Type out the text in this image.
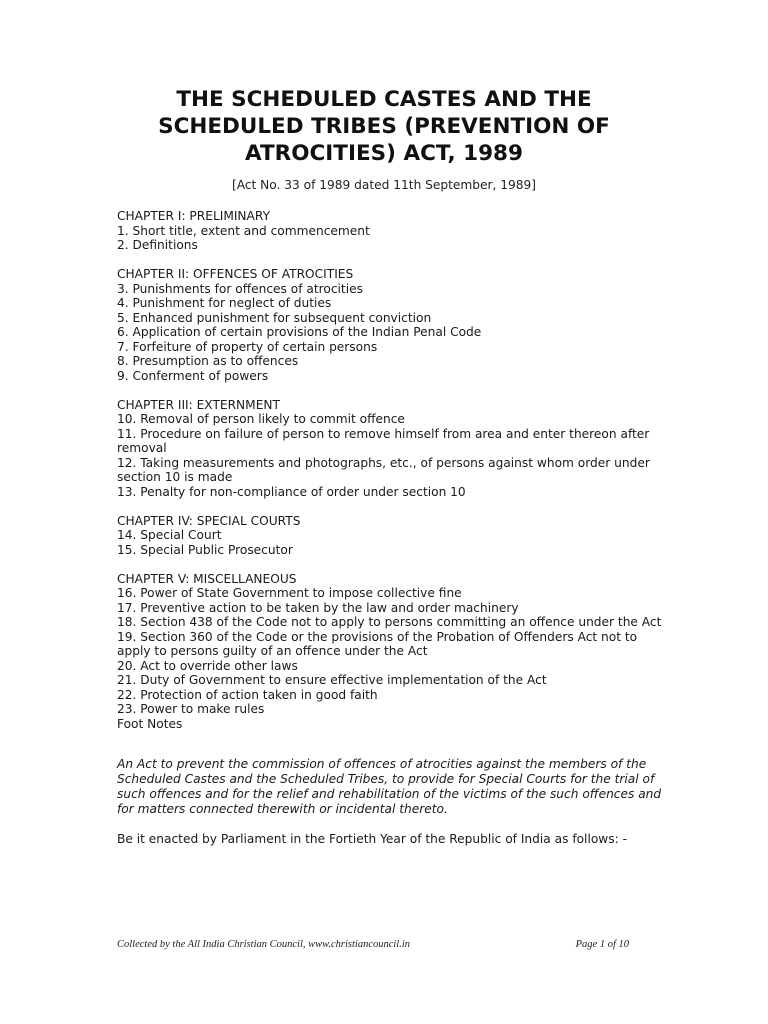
THE SCHEDULED CASTES AND THE
SCHEDULED TRIBES (PREVENTION OF
ATROCITIES) ACT, 1989
[Act No. 33 of 1989 dated 11th September, 1989]
CHAPTER I: PRELIMINARY
1. Short title, extent and commencement
2. Definitions
CHAPTER II: OFFENCES OF ATROCITIES
3. Punishments for offences of atrocities
4. Punishment for neglect of duties
5. Enhanced punishment for subsequent conviction
6. Application of certain provisions of the Indian Penal Code
7. Forfeiture of property of certain persons
8. Presumption as to offences
9. Conferment of powers
CHAPTER III: EXTERNMENT
10. Removal of person likely to commit offence
11. Procedure on failure of person to remove himself from area and enter thereon after
removal
12. Taking measurements and photographs, etc., of persons against whom order under
section 10 is made
13. Penalty for non-compliance of order under section 10
CHAPTER IV: SPECIAL COURTS
14. Special Court
15. Special Public Prosecutor
CHAPTER V: MISCELLANEOUS
16. Power of State Government to impose collective fine
17. Preventive action to be taken by the law and order machinery
18. Section 438 of the Code not to apply to persons committing an offence under the Act
19. Section 360 of the Code or the provisions of the Probation of Offenders Act not to
apply to persons guilty of an offence under the Act
20. Act to override other laws
21. Duty of Government to ensure effective implementation of the Act
22. Protection of action taken in good faith
23. Power to make rules
Foot Notes
An Act to prevent the commission of offences of atrocities against the members of the
Scheduled Castes and the Scheduled Tribes, to provide for Special Courts for the trial of
such offences and for the relief and rehabilitation of the victims of the such offences and
for matters connected therewith or incidental thereto.
Be it enacted by Parliament in the Fortieth Year of the Republic of India as follows: -
Collected by the All India Christian Council, www.christiancouncil.in	Page 1 of 10
